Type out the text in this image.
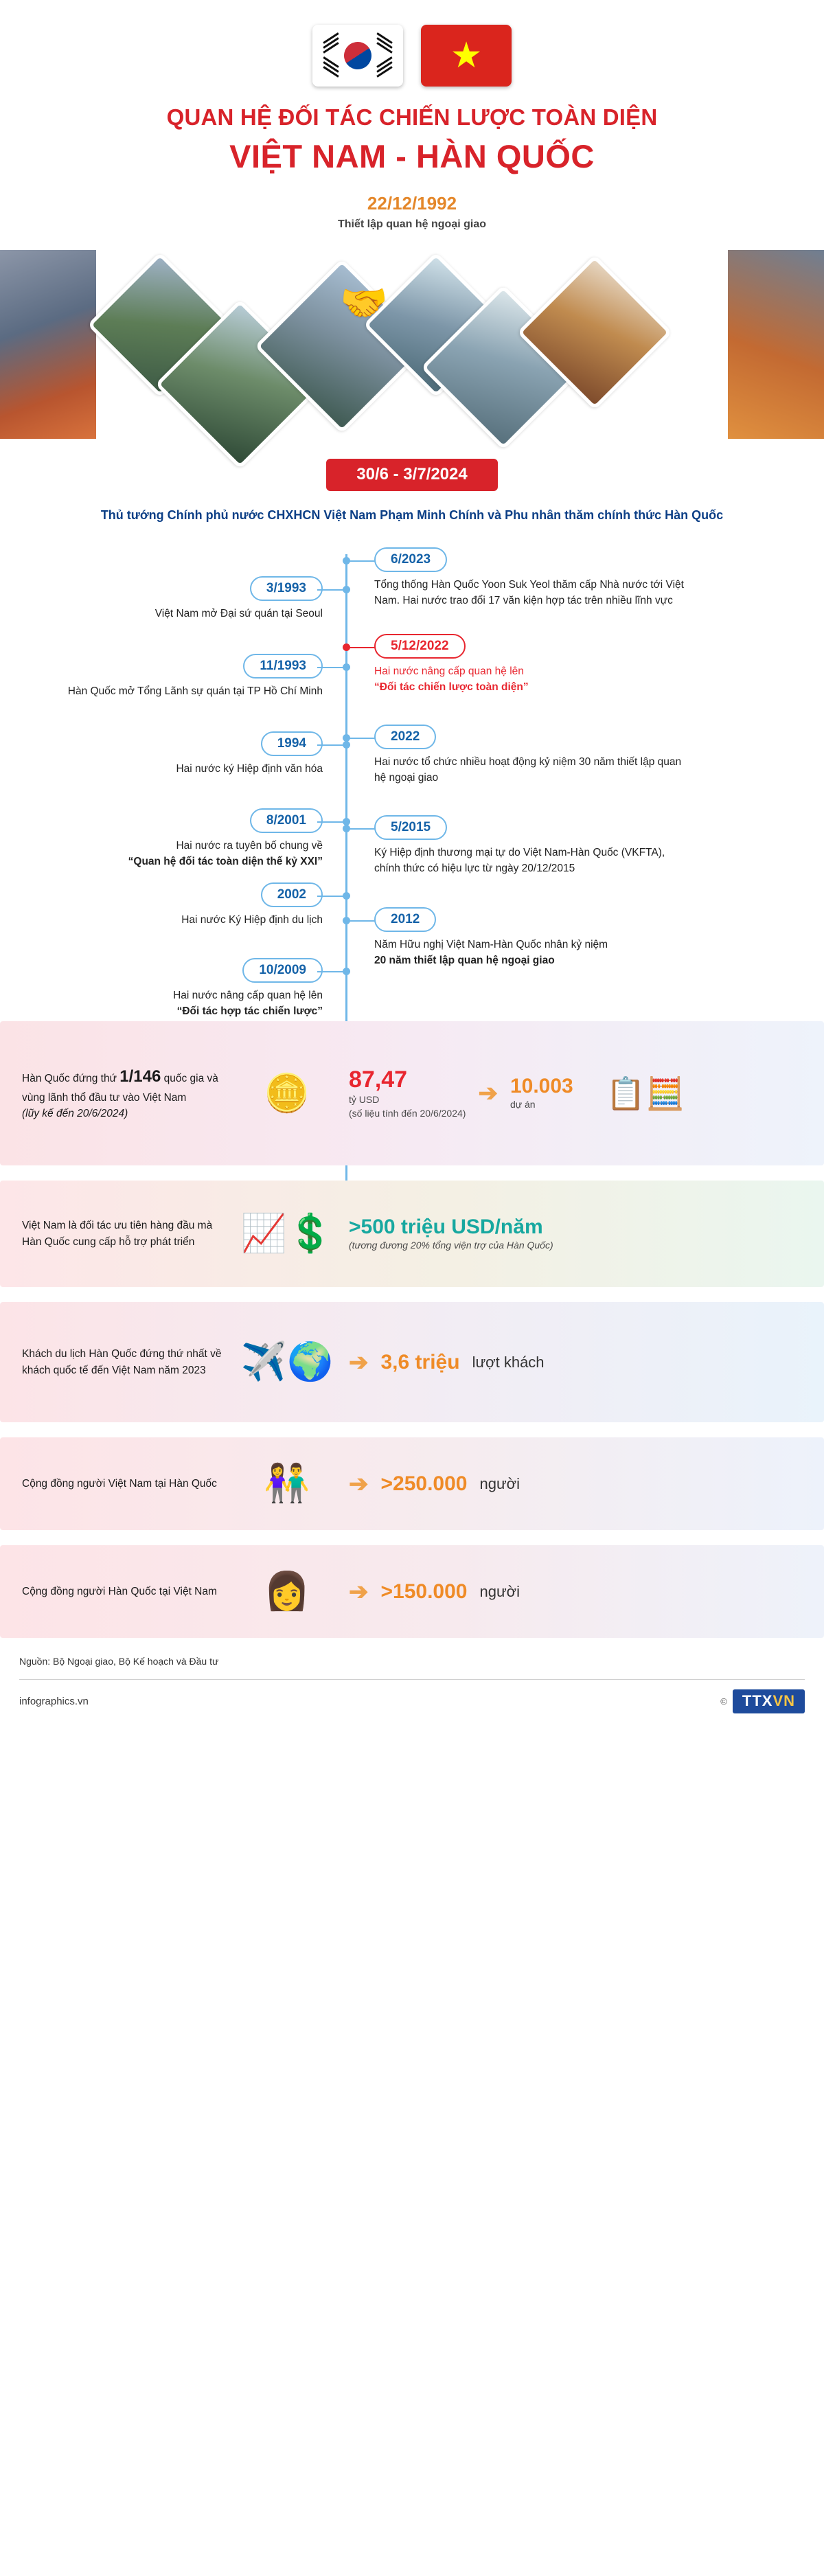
★
QUAN HỆ ĐỐI TÁC CHIẾN LƯỢC TOÀN DIỆN
VIỆT NAM - HÀN QUỐC
22/12/1992
Thiết lập quan hệ ngoại giao
🤝
30/6 - 3/7/2024
Thủ tướng Chính phủ nước CHXHCN Việt Nam Phạm Minh Chính và Phu nhân thăm chính thức Hàn Quốc
6/2023
Tổng thống Hàn Quốc Yoon Suk Yeol thăm cấp Nhà nước tới Việt Nam. Hai nước trao đổi 17 văn kiện hợp tác trên nhiều lĩnh vực
3/1993
Việt Nam mở Đại sứ quán tại Seoul
5/12/2022
Hai nước nâng cấp quan hệ lên
“Đối tác chiến lược toàn diện”
11/1993
Hàn Quốc mở Tổng Lãnh sự quán tại TP Hồ Chí Minh
2022
Hai nước tổ chức nhiều hoạt động kỷ niệm 30 năm thiết lập quan hệ ngoại giao
1994
Hai nước ký Hiệp định văn hóa
5/2015
Ký Hiệp định thương mại tự do Việt Nam-Hàn Quốc (VKFTA), chính thức có hiệu lực từ ngày 20/12/2015
8/2001
Hai nước ra tuyên bố chung về
“Quan hệ đối tác toàn diện thế kỷ XXI”
2002
Hai nước Ký Hiệp định du lịch	2012
Năm Hữu nghị Việt Nam-Hàn Quốc nhân kỷ niệm
20 năm thiết lập quan hệ ngoại giao
10/2009
Hai nước nâng cấp quan hệ lên
“Đối tác hợp tác chiến lược”
Hàn Quốc đứng thứ 1/146 quốc gia và vùng lãnh thổ đầu tư vào Việt Nam
(lũy kế đến 20/6/2024)
🪙	87,47
tỷ USD
(số liệu tính đến 20/6/2024)
➔ 10.003
dự án	📋🧮
Việt Nam là đối tác ưu tiên hàng đầu mà Hàn Quốc cung cấp hỗ trợ phát triển	📈💲 >500 triệu USD/năm
(tương đương 20% tổng viện trợ của Hàn Quốc)
Khách du lịch Hàn Quốc đứng thứ nhất về khách quốc tế đến Việt Nam năm 2023 ✈️🌍 ➔ 3,6 triệu lượt khách
Cộng đồng người Việt Nam tại Hàn Quốc	👫	➔ >250.000 người
Cộng đồng người Hàn Quốc tại Việt Nam	👩	➔ >150.000 người
Nguồn: Bộ Ngoại giao, Bộ Kế hoạch và Đầu tư
infographics.vn	©	TTXVN
